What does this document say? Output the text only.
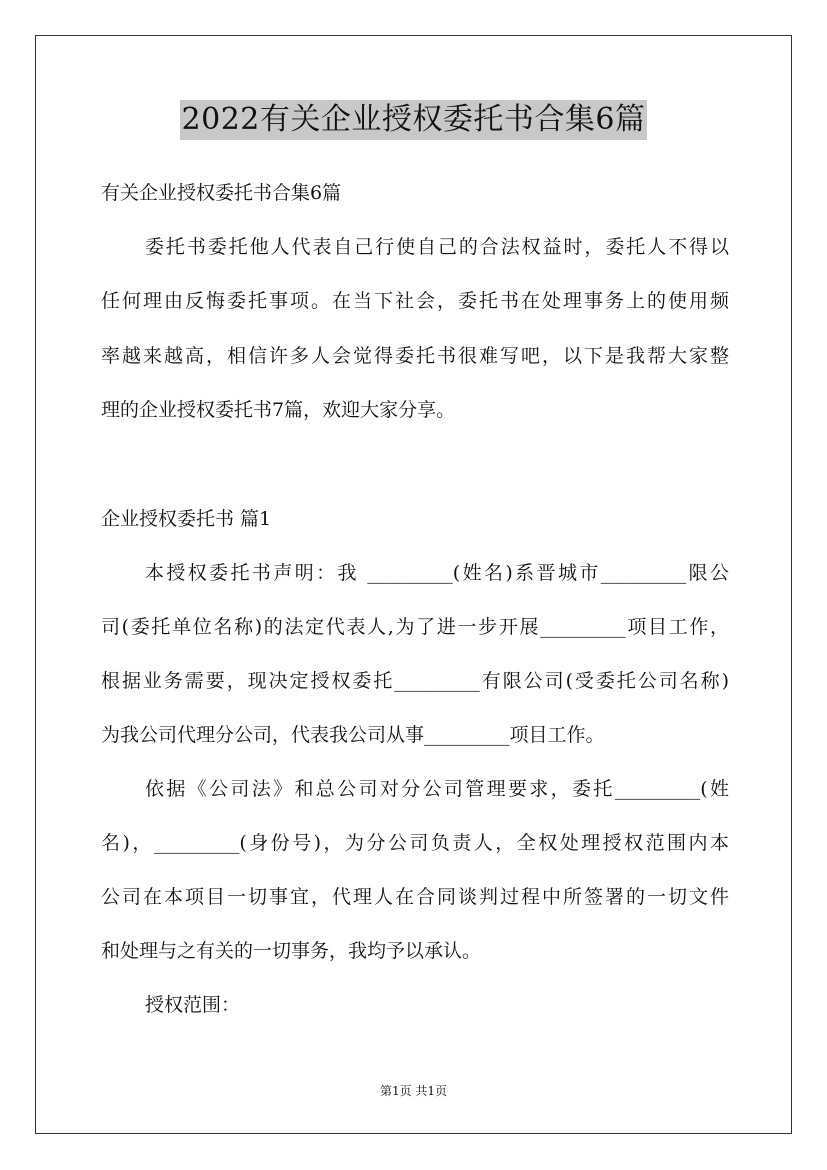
2022有关企业授权委托书合集6篇
有关企业授权委托书合集6篇
委托书委托他人代表自己行使自己的合法权益时，委托人不得以
任何理由反悔委托事项。在当下社会，委托书在处理事务上的使用频
率越来越高，相信许多人会觉得委托书很难写吧，以下是我帮大家整
理的企业授权委托书7篇，欢迎大家分享。
企业授权委托书 篇1
本授权委托书声明：我 _________(姓名)系晋城市_________限公
司(委托单位名称)的法定代表人,为了进一步开展_________项目工作，
根据业务需要，现决定授权委托_________有限公司(受委托公司名称)
为我公司代理分公司，代表我公司从事_________项目工作。
依据《公司法》和总公司对分公司管理要求，委托_________(姓
名)，_________(身份号)，为分公司负责人，全权处理授权范围内本
公司在本项目一切事宜，代理人在合同谈判过程中所签署的一切文件
和处理与之有关的一切事务，我均予以承认。
授权范围：
第1页 共1页
